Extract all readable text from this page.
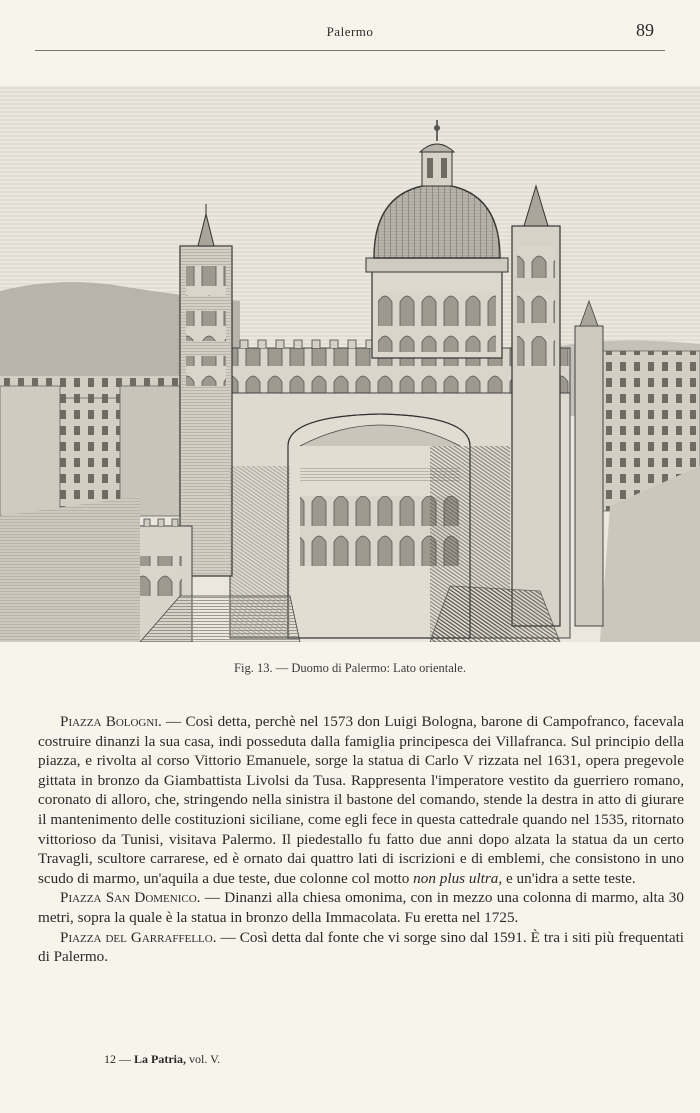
Palermo	89
Fig. 13. — Duomo di Palermo: Lato orientale.

Piazza Bologni. — Così detta, perchè nel 1573 don Luigi Bologna, barone di Campofranco, facevala costruire dinanzi la sua casa, indi posseduta dalla famiglia principesca dei Villafranca. Sul principio della piazza, e rivolta al corso Vittorio Emanuele, sorge la statua di Carlo V rizzata nel 1631, opera pregevole gittata in bronzo da Giambattista Livolsi da Tusa. Rappresenta l'imperatore vestito da guerriero romano, coronato di alloro, che, stringendo nella sinistra il bastone del comando, stende la destra in atto di giurare il mantenimento delle costituzioni siciliane, come egli fece in questa cattedrale quando nel 1535, ritornato vittorioso da Tunisi, visitava Palermo. Il piedestallo fu fatto due anni dopo alzata la statua da un certo Travagli, scultore carrarese, ed è ornato dai quattro lati di iscrizioni e di emblemi, che consistono in uno scudo di marmo, un'aquila a due teste, due colonne col motto non plus ultra, e un'idra a sette teste.

Piazza San Domenico. — Dinanzi alla chiesa omonima, con in mezzo una colonna di marmo, alta 30 metri, sopra la quale è la statua in bronzo della Immacolata. Fu eretta nel 1725.

Piazza del Garraffello. — Così detta dal fonte che vi sorge sino dal 1591. È tra i siti più frequentati di Palermo.

12 — La Patria, vol. V.
